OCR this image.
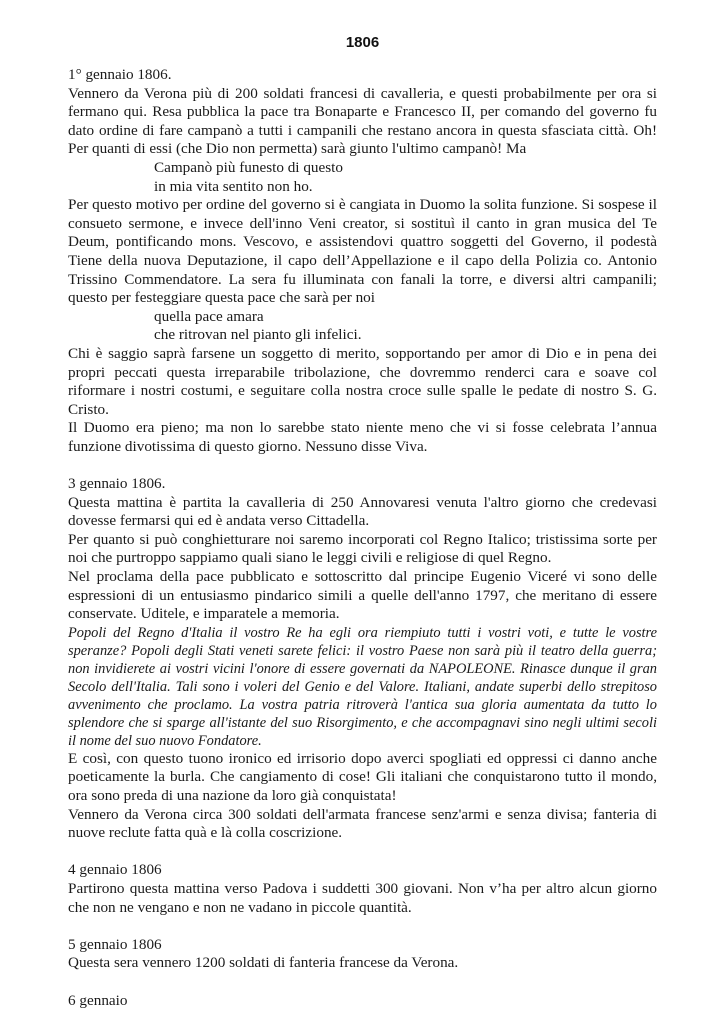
1806

1° gennaio 1806.

Vennero da Verona più di 200 soldati francesi di cavalleria, e questi probabilmente per ora si fermano qui. Resa pubblica la pace tra Bonaparte e Francesco II, per comando del governo fu dato ordine di fare campanò a tutti i campanili che restano ancora in questa sfasciata città. Oh! Per quanti di essi (che Dio non permetta) sarà giunto l'ultimo campanò! Ma

Campanò più funesto di questo

in mia vita sentito non ho.

Per questo motivo per ordine del governo si è cangiata in Duomo la solita funzione. Si sospese il consueto sermone, e invece dell'inno Veni creator, si sostituì il canto in gran musica del Te Deum, pontificando mons. Vescovo, e assistendovi quattro soggetti del Governo, il podestà Tiene della nuova Deputazione, il capo dell’Appellazione e il capo della Polizia co. Antonio Trissino Commendatore. La sera fu illuminata con fanali la torre, e diversi altri campanili; questo per festeggiare questa pace che sarà per noi

quella pace amara

che ritrovan nel pianto gli infelici.

Chi è saggio saprà farsene un soggetto di merito, sopportando per amor di Dio e in pena dei propri peccati questa irreparabile tribolazione, che dovremmo renderci cara e soave col riformare i nostri costumi, e seguitare colla nostra croce sulle spalle le pedate di nostro S. G. Cristo.

Il Duomo era pieno; ma non lo sarebbe stato niente meno che vi si fosse celebrata l’annua funzione divotissima di questo giorno. Nessuno disse Viva.

3 gennaio 1806.

Questa mattina è partita la cavalleria di 250 Annovaresi venuta l'altro giorno che credevasi dovesse fermarsi qui ed è andata verso Cittadella.

Per quanto si può conghietturare noi saremo incorporati col Regno Italico; tristissima sorte per noi che purtroppo sappiamo quali siano le leggi civili e religiose di quel Regno.

Nel proclama della pace pubblicato e sottoscritto dal principe Eugenio Viceré vi sono delle espressioni di un entusiasmo pindarico simili a quelle dell'anno 1797, che meritano di essere conservate. Uditele, e imparatele a memoria.

Popoli del Regno d'Italia il vostro Re ha egli ora riempiuto tutti i vostri voti, e tutte le vostre speranze? Popoli degli Stati veneti sarete felici: il vostro Paese non sarà più il teatro della guerra; non invidierete ai vostri vicini l'onore di essere governati da NAPOLEONE. Rinasce dunque il gran Secolo dell'Italia. Tali sono i voleri del Genio e del Valore. Italiani, andate superbi dello strepitoso avvenimento che proclamo. La vostra patria ritroverà l'antica sua gloria aumentata da tutto lo splendore che si sparge all'istante del suo Risorgimento, e che accompagnavi sino negli ultimi secoli il nome del suo nuovo Fondatore.

E così, con questo tuono ironico ed irrisorio dopo averci spogliati ed oppressi ci danno anche poeticamente la burla. Che cangiamento di cose! Gli italiani che conquistarono tutto il mondo, ora sono preda di una nazione da loro già conquistata!

Vennero da Verona circa 300 soldati dell'armata francese senz'armi e senza divisa; fanteria di nuove reclute fatta quà e là colla coscrizione.

4 gennaio 1806

Partirono questa mattina verso Padova i suddetti 300 giovani. Non v’ha per altro alcun giorno che non ne vengano e non ne vadano in piccole quantità.

5 gennaio 1806

Questa sera vennero 1200 soldati di fanteria francese da Verona.

6 gennaio
